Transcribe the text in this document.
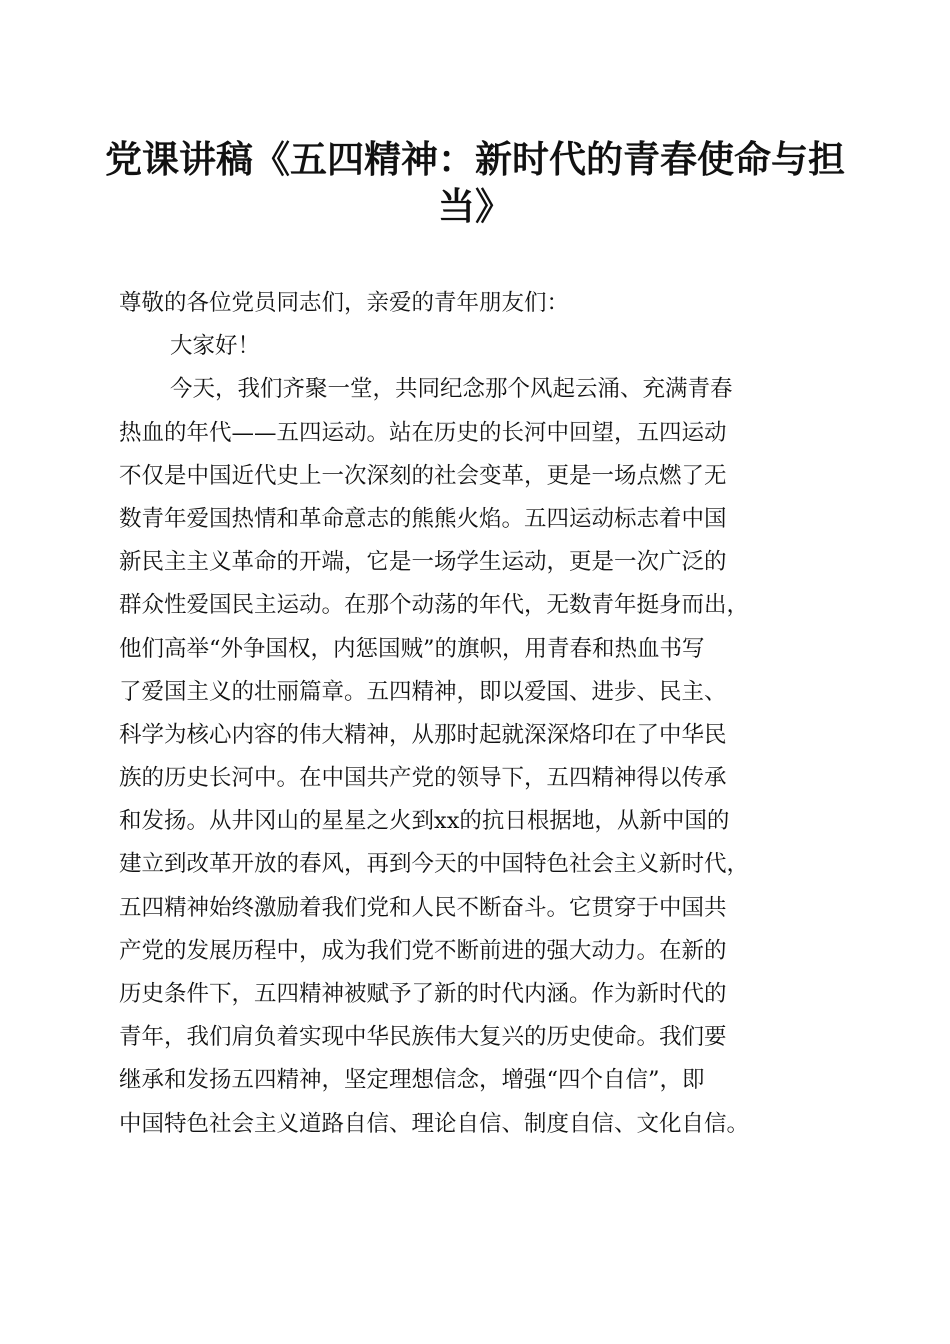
党课讲稿《五四精神：新时代的青春使命与担
当》
尊敬的各位党员同志们，亲爱的青年朋友们：
大家好！
今天，我们齐聚一堂，共同纪念那个风起云涌、充满青春
热血的年代——五四运动。站在历史的长河中回望，五四运动
不仅是中国近代史上一次深刻的社会变革，更是一场点燃了无
数青年爱国热情和革命意志的熊熊火焰。五四运动标志着中国
新民主主义革命的开端，它是一场学生运动，更是一次广泛的
群众性爱国民主运动。在那个动荡的年代，无数青年挺身而出，
他们高举“外争国权，内惩国贼”的旗帜，用青春和热血书写
了爱国主义的壮丽篇章。五四精神，即以爱国、进步、民主、
科学为核心内容的伟大精神，从那时起就深深烙印在了中华民
族的历史长河中。在中国共产党的领导下，五四精神得以传承
和发扬。从井冈山的星星之火到xx的抗日根据地，从新中国的
建立到改革开放的春风，再到今天的中国特色社会主义新时代，
五四精神始终激励着我们党和人民不断奋斗。它贯穿于中国共
产党的发展历程中，成为我们党不断前进的强大动力。在新的
历史条件下，五四精神被赋予了新的时代内涵。作为新时代的
青年，我们肩负着实现中华民族伟大复兴的历史使命。我们要
继承和发扬五四精神，坚定理想信念，增强“四个自信”，即
中国特色社会主义道路自信、理论自信、制度自信、文化自信。
